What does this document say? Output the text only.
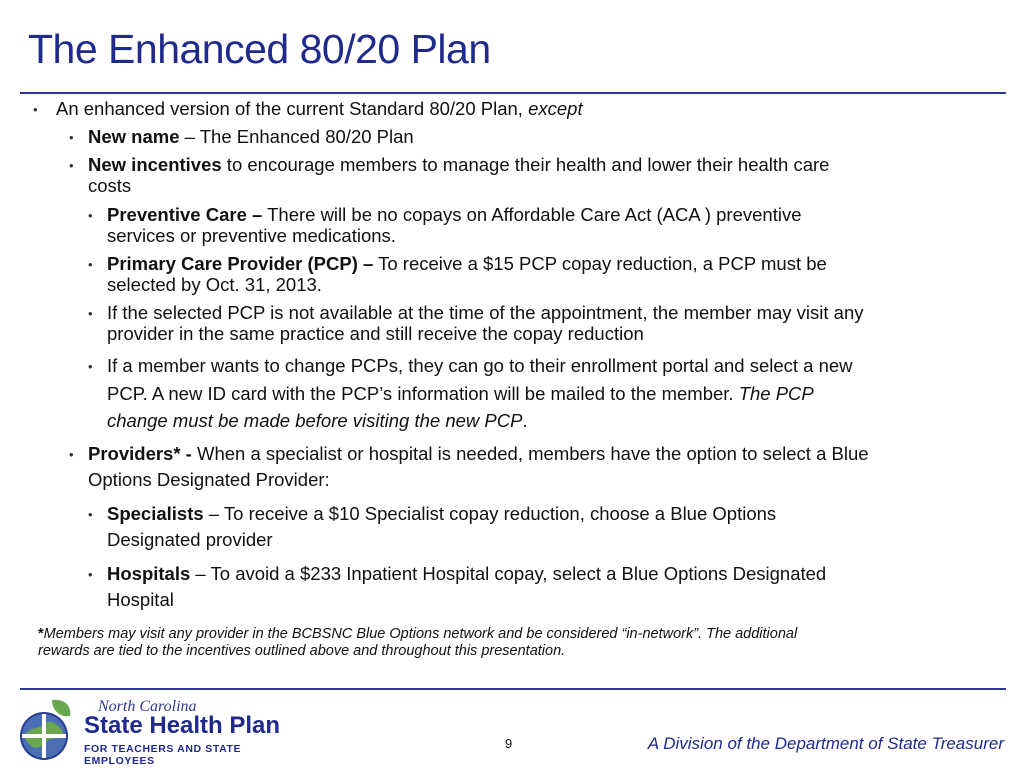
The Enhanced 80/20 Plan
• An enhanced version of the current Standard 80/20 Plan, except
• New name – The Enhanced 80/20 Plan
• New incentives to encourage members to manage their health and lower their health care
costs
• Preventive Care – There will be no copays on Affordable Care Act (ACA ) preventive
services or preventive medications.
• Primary Care Provider (PCP) – To receive a $15 PCP copay reduction, a PCP must be
selected by Oct. 31, 2013.
• If the selected PCP is not available at the time of the appointment, the member may visit any
provider in the same practice and still receive the copay reduction
• If a member wants to change PCPs, they can go to their enrollment portal and select a new
PCP. A new ID card with the PCP’s information will be mailed to the member. The PCP
change must be made before visiting the new PCP.
• Providers* - When a specialist or hospital is needed, members have the option to select a Blue
Options Designated Provider:
• Specialists – To receive a $10 Specialist copay reduction, choose a Blue Options
Designated provider
• Hospitals – To avoid a $233 Inpatient Hospital copay, select a Blue Options Designated
Hospital
*Members may visit any provider in the BCBSNC Blue Options network and be considered “in-network”. The additional
rewards are tied to the incentives outlined above and throughout this presentation.
North Carolina
State Health Plan
FOR TEACHERS AND STATE EMPLOYEES
9	A Division of the Department of State Treasurer
